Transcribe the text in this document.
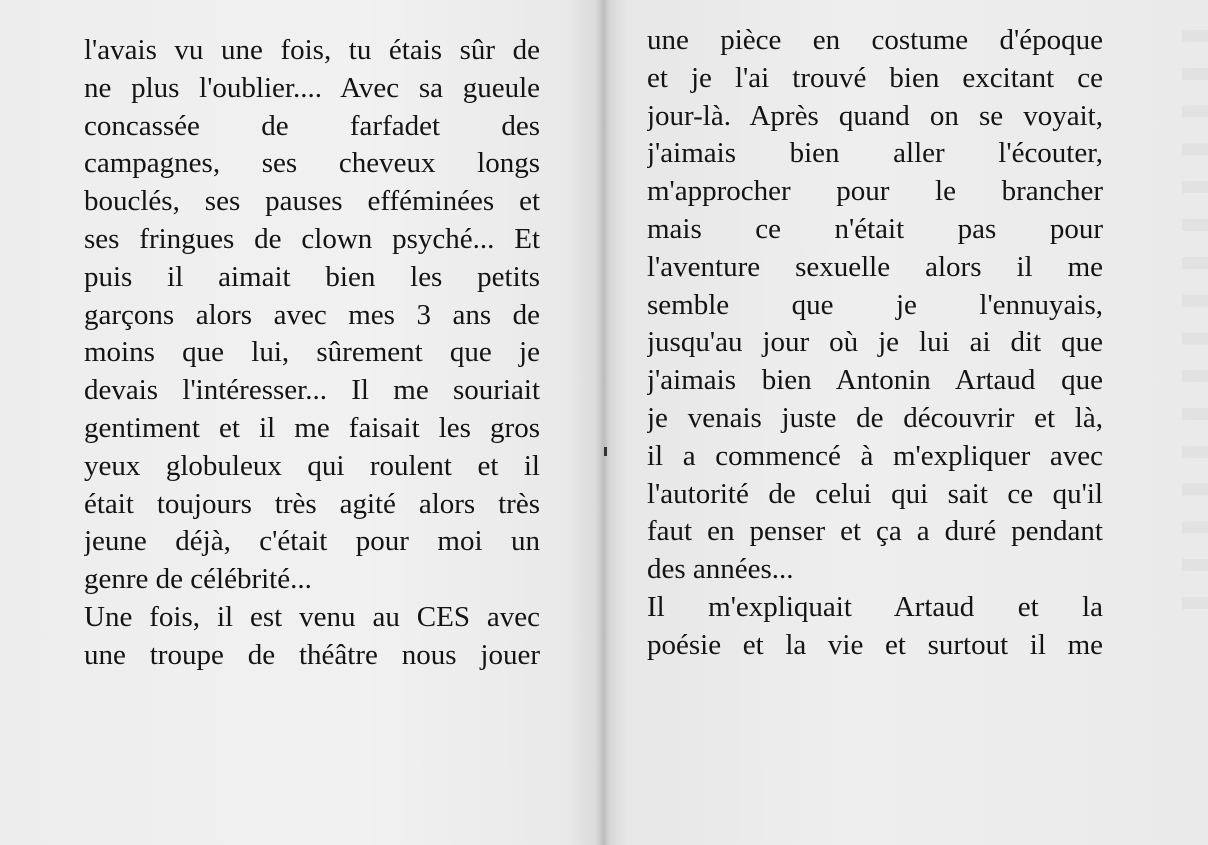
l'avais vu une fois, tu étais sûr de
ne plus l'oublier.... Avec sa gueule
concassée de farfadet des
campagnes, ses cheveux longs
bouclés, ses pauses efféminées et
ses fringues de clown psyché... Et
puis il aimait bien les petits
garçons alors avec mes 3 ans de
moins que lui, sûrement que je
devais l'intéresser... Il me souriait
gentiment et il me faisait les gros
yeux globuleux qui roulent et il
était toujours très agité alors très
jeune déjà, c'était pour moi un
genre de célébrité...
Une fois, il est venu au CES avec
une troupe de théâtre nous jouer
une pièce en costume d'époque
et je l'ai trouvé bien excitant ce
jour-là. Après quand on se voyait,
j'aimais bien aller l'écouter,
m'approcher pour le brancher
mais ce n'était pas pour
l'aventure sexuelle alors il me
semble que je l'ennuyais,
jusqu'au jour où je lui ai dit que
j'aimais bien Antonin Artaud que
je venais juste de découvrir et là,
il a commencé à m'expliquer avec
l'autorité de celui qui sait ce qu'il
faut en penser et ça a duré pendant
des années...
Il m'expliquait Artaud et la
poésie et la vie et surtout il me
